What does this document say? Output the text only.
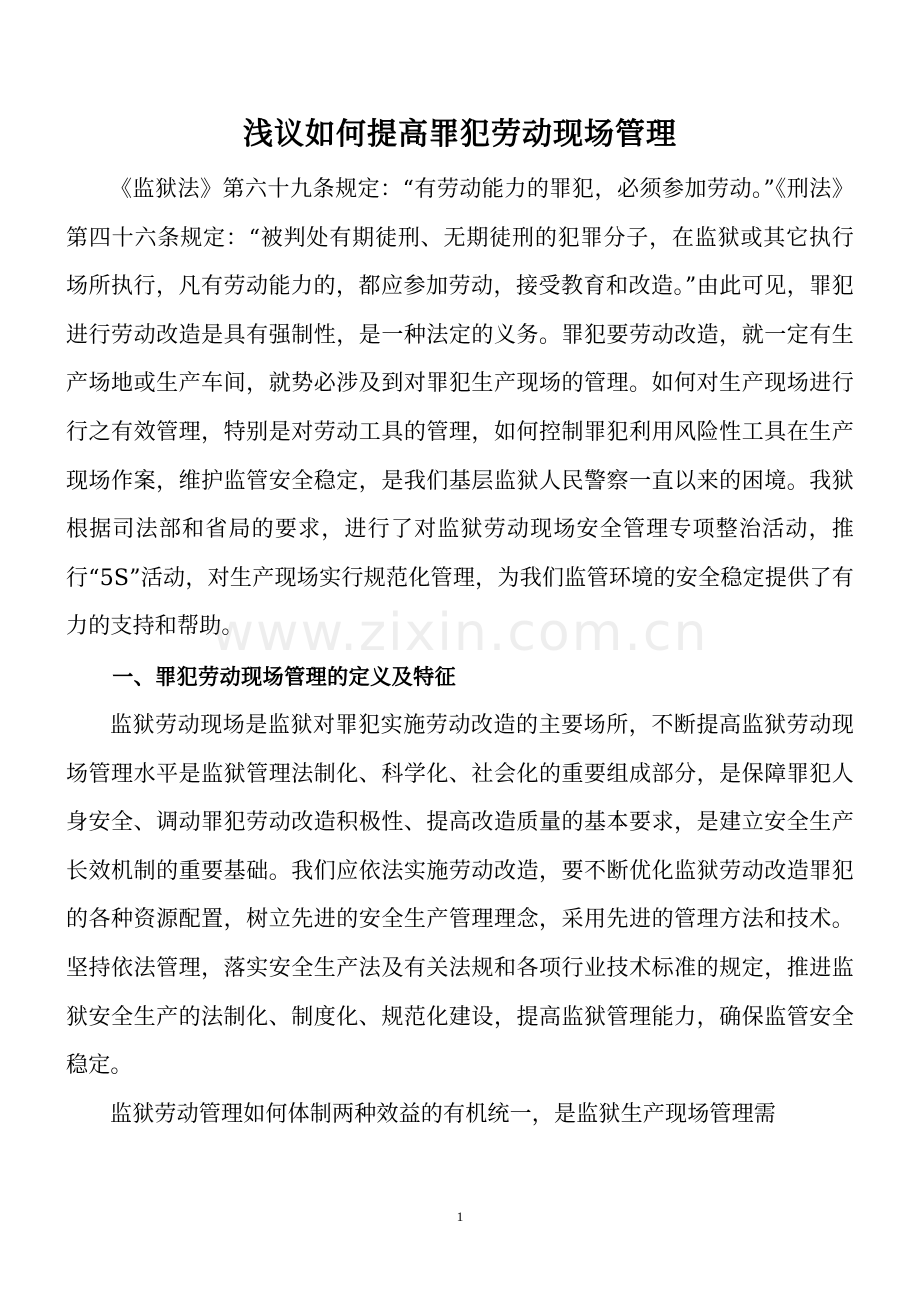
浅议如何提高罪犯劳动现场管理

《监狱法》第六十九条规定：“有劳动能力的罪犯，必须参加劳动。”《刑法》第四十六条规定：“被判处有期徒刑、无期徒刑的犯罪分子，在监狱或其它执行场所执行，凡有劳动能力的，都应参加劳动，接受教育和改造。”由此可见，罪犯进行劳动改造是具有强制性，是一种法定的义务。罪犯要劳动改造，就一定有生产场地或生产车间，就势必涉及到对罪犯生产现场的管理。如何对生产现场进行行之有效管理，特别是对劳动工具的管理，如何控制罪犯利用风险性工具在生产现场作案，维护监管安全稳定，是我们基层监狱人民警察一直以来的困境。我狱根据司法部和省局的要求，进行了对监狱劳动现场安全管理专项整治活动，推行“5S”活动，对生产现场实行规范化管理，为我们监管环境的安全稳定提供了有力的支持和帮助。

一、罪犯劳动现场管理的定义及特征

监狱劳动现场是监狱对罪犯实施劳动改造的主要场所，不断提高监狱劳动现场管理水平是监狱管理法制化、科学化、社会化的重要组成部分，是保障罪犯人身安全、调动罪犯劳动改造积极性、提高改造质量的基本要求，是建立安全生产长效机制的重要基础。我们应依法实施劳动改造，要不断优化监狱劳动改造罪犯的各种资源配置，树立先进的安全生产管理理念，采用先进的管理方法和技术。坚持依法管理，落实安全生产法及有关法规和各项行业技术标准的规定，推进监狱安全生产的法制化、制度化、规范化建设，提高监狱管理能力，确保监管安全稳定。

监狱劳动管理如何体制两种效益的有机统一，是监狱生产现场管理需

www.zixin.com.cn
1
